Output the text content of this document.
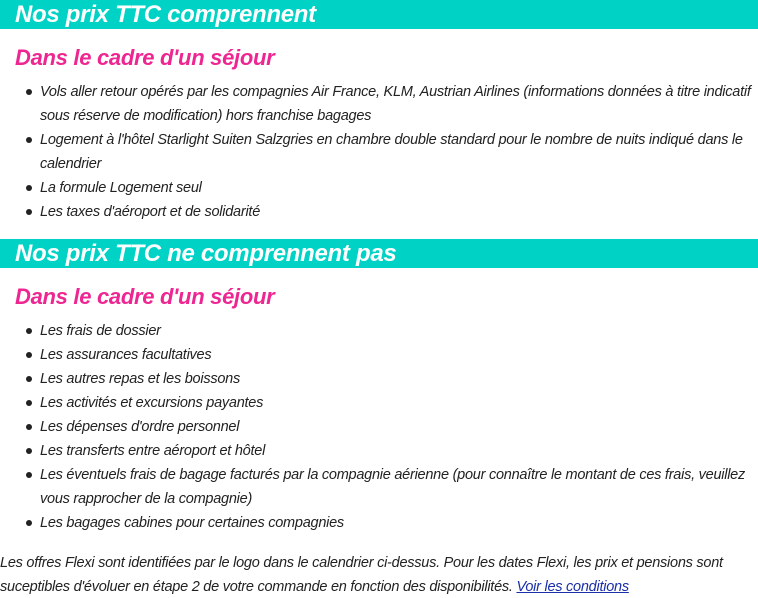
Nos prix TTC comprennent
Dans le cadre d'un séjour
Vols aller retour opérés par les compagnies Air France, KLM, Austrian Airlines (informations données à titre indicatif sous réserve de modification) hors franchise bagages
Logement à l'hôtel Starlight Suiten Salzgries en chambre double standard pour le nombre de nuits indiqué dans le calendrier
La formule Logement seul
Les taxes d'aéroport et de solidarité
Nos prix TTC ne comprennent pas
Dans le cadre d'un séjour
Les frais de dossier
Les assurances facultatives
Les autres repas et les boissons
Les activités et excursions payantes
Les dépenses d'ordre personnel
Les transferts entre aéroport et hôtel
Les éventuels frais de bagage facturés par la compagnie aérienne (pour connaître le montant de ces frais, veuillez vous rapprocher de la compagnie)
Les bagages cabines pour certaines compagnies
Les offres Flexi sont identifiées par le logo dans le calendrier ci-dessus. Pour les dates Flexi, les prix et pensions sont suceptibles d'évoluer en étape 2 de votre commande en fonction des disponibilités. Voir les conditions
